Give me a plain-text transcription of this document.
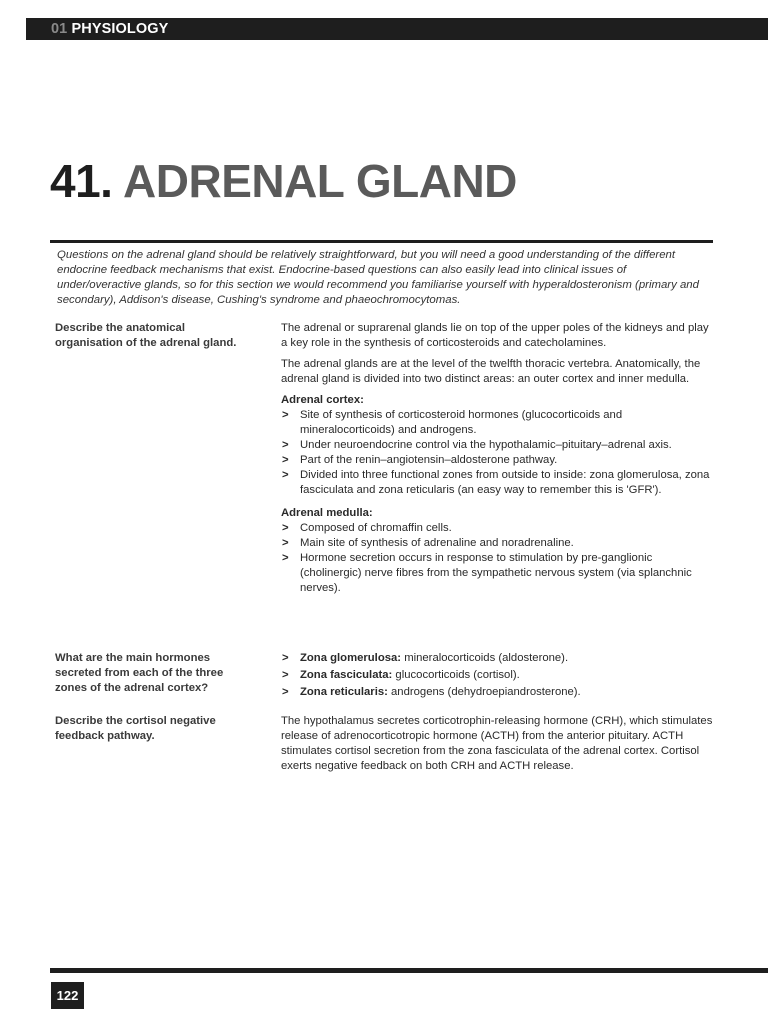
01 PHYSIOLOGY
41. ADRENAL GLAND

Questions on the adrenal gland should be relatively straightforward, but you will need a good understanding of the different endocrine feedback mechanisms that exist. Endocrine-based questions can also easily lead into clinical issues of under/overactive glands, so for this section we would recommend you familiarise yourself with hyperaldosteronism (primary and secondary), Addison's disease, Cushing's syndrome and phaeochromocytomas.

Describe the anatomical organisation of the adrenal gland.

The adrenal or suprarenal glands lie on top of the upper poles of the kidneys and play a key role in the synthesis of corticosteroids and catecholamines.

The adrenal glands are at the level of the twelfth thoracic vertebra. Anatomically, the adrenal gland is divided into two distinct areas: an outer cortex and inner medulla.

Adrenal cortex:
> Site of synthesis of corticosteroid hormones (glucocorticoids and mineralocorticoids) and androgens.
> Under neuroendocrine control via the hypothalamic–pituitary–adrenal axis.
> Part of the renin–angiotensin–aldosterone pathway.
> Divided into three functional zones from outside to inside: zona glomerulosa, zona fasciculata and zona reticularis (an easy way to remember this is 'GFR').
Adrenal medulla:
> Composed of chromaffin cells.
> Main site of synthesis of adrenaline and noradrenaline.
> Hormone secretion occurs in response to stimulation by pre-ganglionic (cholinergic) nerve fibres from the sympathetic nervous system (via splanchnic nerves).
What are the main hormones secreted from each of the three zones of the adrenal cortex?
> Zona glomerulosa: mineralocorticoids (aldosterone).
> Zona fasciculata: glucocorticoids (cortisol).
> Zona reticularis: androgens (dehydroepiandrosterone).
Describe the cortisol negative feedback pathway.

The hypothalamus secretes corticotrophin-releasing hormone (CRH), which stimulates release of adrenocorticotropic hormone (ACTH) from the anterior pituitary. ACTH stimulates cortisol secretion from the zona fasciculata of the adrenal cortex. Cortisol exerts negative feedback on both CRH and ACTH release.

122
